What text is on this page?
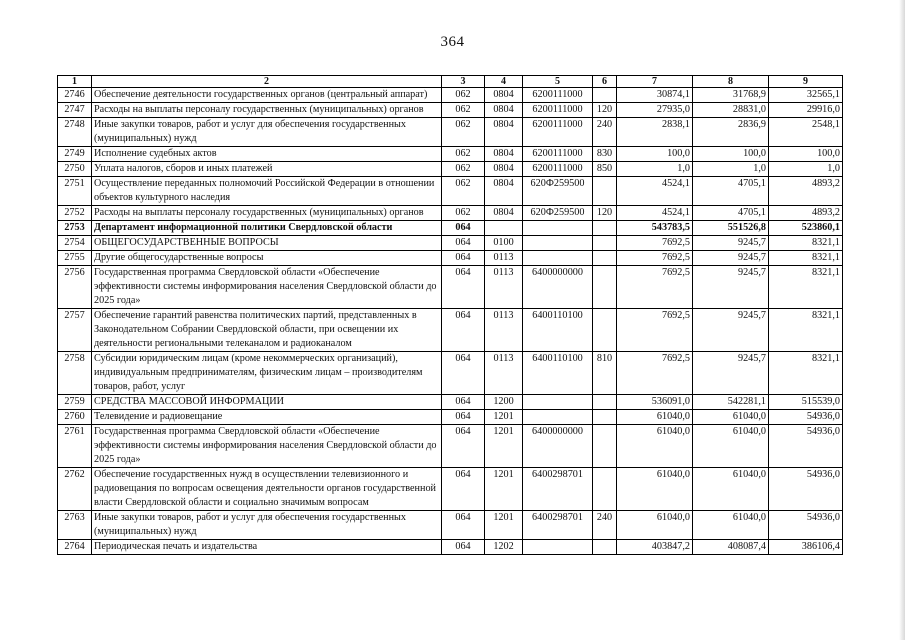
364
1	2	3	4	5	6	7	8	9
2746	Обеспечение деятельности государственных органов (центральный аппарат)	062	0804	6200111000		30874,1	31768,9	32565,1
2747	Расходы на выплаты персоналу государственных (муниципальных) органов	062	0804	6200111000	120	27935,0	28831,0	29916,0
2748	Иные закупки товаров, работ и услуг для обеспечения государственных (муниципальных) нужд	062	0804	6200111000	240	2838,1	2836,9	2548,1
2749	Исполнение судебных актов	062	0804	6200111000	830	100,0	100,0	100,0
2750	Уплата налогов, сборов и иных платежей	062	0804	6200111000	850	1,0	1,0	1,0
2751	Осуществление переданных полномочий Российской Федерации в отношении объектов культурного наследия	062	0804	620Ф259500		4524,1	4705,1	4893,2
2752	Расходы на выплаты персоналу государственных (муниципальных) органов	062	0804	620Ф259500	120	4524,1	4705,1	4893,2
2753	Департамент информационной политики Свердловской области	064				543783,5	551526,8	523860,1
2754	ОБЩЕГОСУДАРСТВЕННЫЕ ВОПРОСЫ	064	0100			7692,5	9245,7	8321,1
2755	Другие общегосударственные вопросы	064	0113			7692,5	9245,7	8321,1
2756	Государственная программа Свердловской области «Обеспечение эффективности системы информирования населения Свердловской области до 2025 года»	064	0113	6400000000		7692,5	9245,7	8321,1
2757	Обеспечение гарантий равенства политических партий, представленных в Законодательном Собрании Свердловской области, при освещении их деятельности региональными телеканалом и радиоканалом	064	0113	6400110100		7692,5	9245,7	8321,1
2758	Субсидии юридическим лицам (кроме некоммерческих организаций), индивидуальным предпринимателям, физическим лицам – производителям товаров, работ, услуг	064	0113	6400110100	810	7692,5	9245,7	8321,1
2759	СРЕДСТВА МАССОВОЙ ИНФОРМАЦИИ	064	1200			536091,0	542281,1	515539,0
2760	Телевидение и радиовещание	064	1201			61040,0	61040,0	54936,0
2761	Государственная программа Свердловской области «Обеспечение эффективности системы информирования населения Свердловской области до 2025 года»	064	1201	6400000000		61040,0	61040,0	54936,0
2762	Обеспечение государственных нужд в осуществлении телевизионного и радиовещания по вопросам освещения деятельности органов государственной власти Свердловской области и социально значимым вопросам	064	1201	6400298701		61040,0	61040,0	54936,0
2763	Иные закупки товаров, работ и услуг для обеспечения государственных (муниципальных) нужд	064	1201	6400298701	240	61040,0	61040,0	54936,0
2764	Периодическая печать и издательства	064	1202			403847,2	408087,4	386106,4
